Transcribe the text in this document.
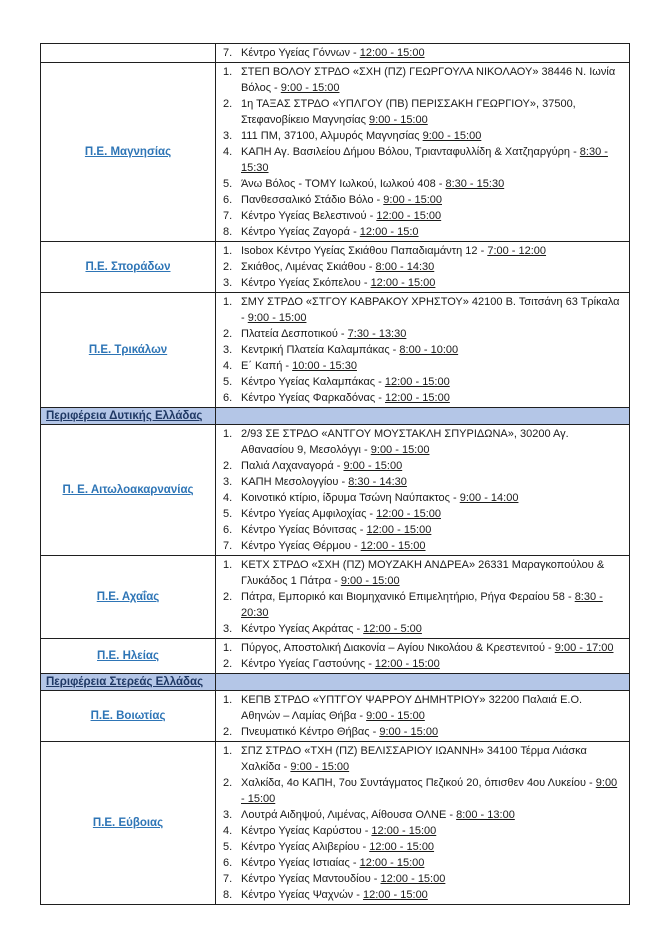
7. Κέντρο Υγείας Γόννων - 12:00 - 15:00
Π.Ε. Μαγνησίας
1. ΣΤΕΠ ΒΟΛΟΥ ΣΤΡΔΟ «ΣΧΗ (ΠΖ) ΓΕΩΡΓΟΥΛΑ ΝΙΚΟΛΑΟΥ» 38446 Ν. Ιωνία Βόλος - 9:00 - 15:00
2. 1η ΤΑΞΑΣ ΣΤΡΔΟ «ΥΠΛΓΟΥ (ΠΒ) ΠΕΡΙΣΣΑΚΗ ΓΕΩΡΓΙΟΥ», 37500, Στεφανοβίκειο Μαγνησίας 9:00 - 15:00
3. 111 ΠΜ, 37100, Αλμυρός Μαγνησίας 9:00 - 15:00
4. ΚΑΠΗ Αγ. Βασιλείου Δήμου Βόλου, Τριανταφυλλίδη & Χατζηαργύρη - 8:30 - 15:30
5. Άνω Βόλος - ΤΟΜΥ Ιωλκού, Ιωλκού 408 - 8:30 - 15:30
6. Πανθεσσαλικό Στάδιο Βόλο - 9:00 - 15:00
7. Κέντρο Υγείας Βελεστινού - 12:00 - 15:00
8. Κέντρο Υγείας Ζαγορά - 12:00 - 15:0
Π.Ε. Σποράδων
1. Isobox Κέντρο Υγείας Σκιάθου Παπαδιαμάντη 12 - 7:00 - 12:00
2. Σκιάθος, Λιμένας Σκιάθου - 8:00 - 14:30
3. Κέντρο Υγείας Σκόπελου - 12:00 - 15:00
Π.Ε. Τρικάλων
1. ΣΜΥ ΣΤΡΔΟ «ΣΤΓΟΥ ΚΑΒΡΑΚΟΥ ΧΡΗΣΤΟΥ» 42100 Β. Τσιτσάνη 63 Τρίκαλα - 9:00 - 15:00
2. Πλατεία Δεσποτικού - 7:30 - 13:30
3. Κεντρική Πλατεία Καλαμπάκας - 8:00 - 10:00
4. Ε΄ Καπή - 10:00 - 15:30
5. Κέντρο Υγείας Καλαμπάκας - 12:00 - 15:00
6. Κέντρο Υγείας Φαρκαδόνας - 12:00 - 15:00
Περιφέρεια Δυτικής Ελλάδας
Π. Ε. Αιτωλοακαρνανίας
1. 2/93 ΣΕ ΣΤΡΔΟ «ΑΝΤΓΟΥ ΜΟΥΣΤΑΚΛΗ ΣΠΥΡΙΔΩΝΑ», 30200 Αγ. Αθανασίου 9, Μεσολόγγι - 9:00 - 15:00
2. Παλιά Λαχαναγορά - 9:00 - 15:00
3. ΚΑΠΗ Μεσολογγίου - 8:30 - 14:30
4. Κοινοτικό κτίριο, ίδρυμα Τσώνη Ναύπακτος - 9:00 - 14:00
5. Κέντρο Υγείας Αμφιλοχίας - 12:00 - 15:00
6. Κέντρο Υγείας Βόνιτσας - 12:00 - 15:00
7. Κέντρο Υγείας Θέρμου - 12:00 - 15:00
Π.Ε. Αχαΐας
1. ΚΕΤΧ ΣΤΡΔΟ «ΣΧΗ (ΠΖ) ΜΟΥΖΑΚΗ ΑΝΔΡΕΑ» 26331 Μαραγκοπούλου & Γλυκάδος 1 Πάτρα - 9:00 - 15:00
2. Πάτρα, Εμπορικό και Βιομηχανικό Επιμελητήριο, Ρήγα Φεραίου 58 - 8:30 - 20:30
3. Κέντρο Υγείας Ακράτας - 12:00 - 5:00
Π.Ε. Ηλείας
1. Πύργος, Αποστολική Διακονία – Αγίου Νικολάου & Κρεστενιτού - 9:00 - 17:00
2. Κέντρο Υγείας Γαστούνης - 12:00 - 15:00
Περιφέρεια Στερεάς Ελλάδας
Π.Ε. Βοιωτίας
1. ΚΕΠΒ ΣΤΡΔΟ «ΥΠΤΓΟΥ ΨΑΡΡΟΥ ΔΗΜΗΤΡΙΟΥ» 32200 Παλαιά Ε.Ο. Αθηνών – Λαμίας Θήβα - 9:00 - 15:00
2. Πνευματικό Κέντρο Θήβας - 9:00 - 15:00
Π.Ε. Εύβοιας
1. ΣΠΖ ΣΤΡΔΟ «ΤΧΗ (ΠΖ) ΒΕΛΙΣΣΑΡΙΟΥ ΙΩΑΝΝΗ» 34100 Τέρμα Λιάσκα Χαλκίδα - 9:00 - 15:00
2. Χαλκίδα, 4ο ΚΑΠΗ, 7ου Συντάγματος Πεζικού 20, όπισθεν 4ου Λυκείου - 9:00 - 15:00
3. Λουτρά Αιδηψού, Λιμένας, Αίθουσα ΟΛΝΕ - 8:00 - 13:00
4. Κέντρο Υγείας Καρύστου - 12:00 - 15:00
5. Κέντρο Υγείας Αλιβερίου - 12:00 - 15:00
6. Κέντρο Υγείας Ιστιαίας - 12:00 - 15:00
7. Κέντρο Υγείας Μαντουδίου - 12:00 - 15:00
8. Κέντρο Υγείας Ψαχνών - 12:00 - 15:00
